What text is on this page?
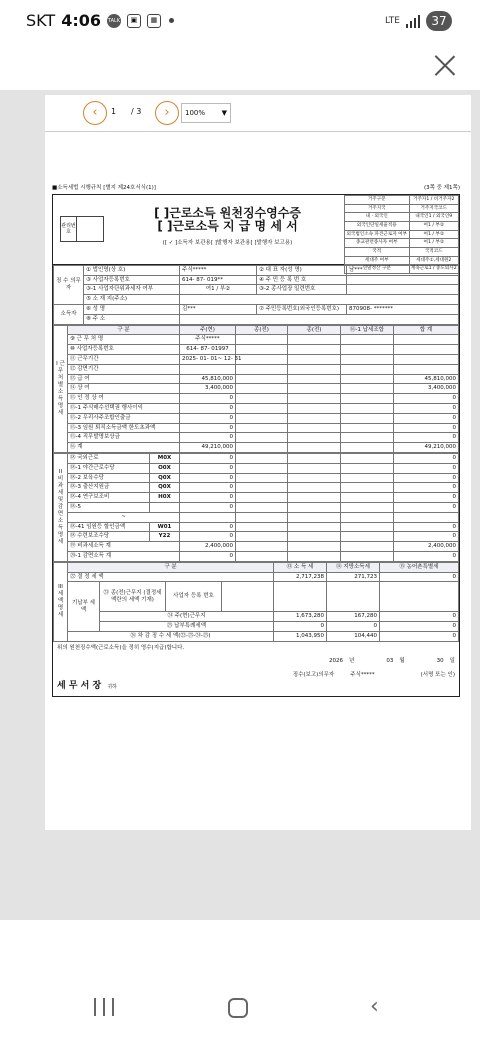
SKT 4:06 TALK	▣	▦	LTE	37
‹	1 / 3	›	100% ▼
■소득세법 시행규칙 [별지 제24호서식(1)]	(3쪽 중 제1쪽)
관리번호
[ ]근로소득 원천징수영수증
[ ]근로소득 지 급 명 세 서
([ ✓ ]소득자 보관용[ ]발행자 보관용[ ]발행자 보고용)
거주구분	거주자1 / 비거주자2
거주지국	거주지국코드
내 · 외국인	내국인1 / 외국인9
외국인단일세율적용	여1 / 부②
외국법인소속 파견근로자 여부	여1 / 부②
종교관련종사자 여부	여1 / 부②
국적	국적코드
세대주 여부	세대주①,세대원2
연말정산 구분	계속근로1 / 중도퇴사2
징 수 의무자	① 법인명(상 호)	주식*****	② 대 표 자(성 명)	남***
	③ 사업자등록번호	614- 87- 019**	④ 주 민 등 록 번 호	
	③-1 사업자단위과세자 여부	여1 / 부②	③-2 종사업장 일련번호	
	⑤ 소 재 지(주소)			
소득자	⑥ 성 명	김***	⑦ 주민등록번호(외국인등록번호)	870908- *******
	⑧ 주 소			
I 근무처별소득명세	구 분	주(현)	종(전)	종(전)	⑯-1 납세조합	합 계
	⑨ 근 무 처 명	주식*****				
	⑩ 사업자등록번호	614- 87- 01997				
	⑪ 근무기간	2025- 01- 01~ 12- 31				
	⑫ 감면기간					
	⑬ 급 여	45,810,000				45,810,000
	⑭ 상 여	3,400,000				3,400,000
	⑮ 인 정 상 여	0				0
	⑮-1 주식매수선택권 행사이익	0				0
	⑮-2 우리사주조합인출금	0				0
	⑮-3 임원 퇴직소득금액 한도초과액	0				0
	⑮-4 직무발명보상금	0				0
	⑯ 계	49,210,000				49,210,000
II 비과세및감면소득명세	⑱ 국외근로	M0X	0				0
	⑱-1 야간근로수당	O0X	0				0
	⑱-2 보육수당	Q0X	0				0
	⑱-3 출산지원금	Q0X	0				0
	⑱-4 연구보조비	H0X	0				0
	⑱-5		0				0
	~						
	⑱-41 임원등 할인금액	W01	0				0
	⑱ 수련보조수당	Y22	0				0
	⑲ 비과세소득 계		2,400,000				2,400,000
	⑳-1 감면소득 계		0				0
III 세액명세	구 분				⑬ 소 득 세	⑭ 지방소득세	⑮ 농어촌특별세
	㉒ 결 정 세 액				2,717,238	271,723	0
	기납부 세 액	㉓ 종(전)근무지 (결정세액란의 세액 기재)	사업자 등록 번호				
		㉔ 주(현)근무지			1,673,280	167,280	0
		㉕ 납부특례세액			0	0	0
	㉖ 차 감 징 수 세 액(㉒-㉓-㉔-㉕)				1,043,950	104,440	0
위의 원천징수액(근로소득)을 정히 영수(지급)합니다.
2026 년	03 월	30 일
징수(보고)의무자	주식*****	(서명 또는 인)
세 무 서 장 귀하
‹
